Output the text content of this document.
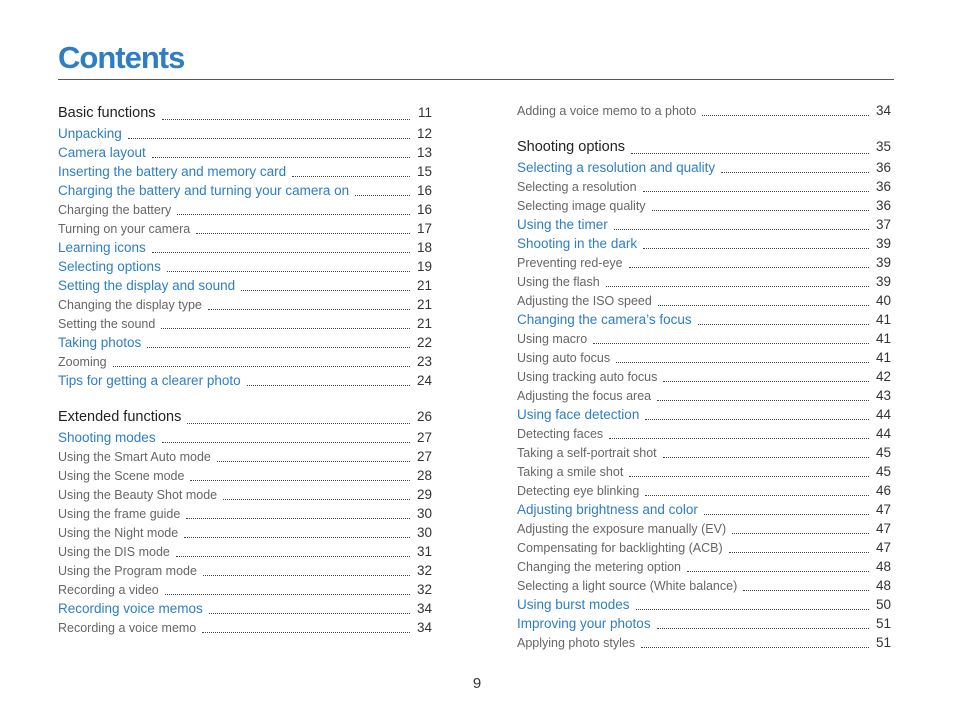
Contents
Basic functions	11
Unpacking	12
Camera layout	13
Inserting the battery and memory card	15
Charging the battery and turning your camera on	16
Charging the battery	16
Turning on your camera	17
Learning icons	18
Selecting options	19
Setting the display and sound	21
Changing the display type	21
Setting the sound	21
Taking photos	22
Zooming	23
Tips for getting a clearer photo	24
Extended functions	26
Shooting modes	27
Using the Smart Auto mode	27
Using the Scene mode	28
Using the Beauty Shot mode	29
Using the frame guide	30
Using the Night mode	30
Using the DIS mode	31
Using the Program mode	32
Recording a video	32
Recording voice memos	34
Recording a voice memo	34
Adding a voice memo to a photo	34
Shooting options	35
Selecting a resolution and quality	36
Selecting a resolution	36
Selecting image quality	36
Using the timer	37
Shooting in the dark	39
Preventing red-eye	39
Using the flash	39
Adjusting the ISO speed	40
Changing the camera’s focus	41
Using macro	41
Using auto focus	41
Using tracking auto focus	42
Adjusting the focus area	43
Using face detection	44
Detecting faces	44
Taking a self-portrait shot	45
Taking a smile shot	45
Detecting eye blinking	46
Adjusting brightness and color	47
Adjusting the exposure manually (EV)	47
Compensating for backlighting (ACB)	47
Changing the metering option	48
Selecting a light source (White balance)	48
Using burst modes	50
Improving your photos	51
Applying photo styles	51
9
